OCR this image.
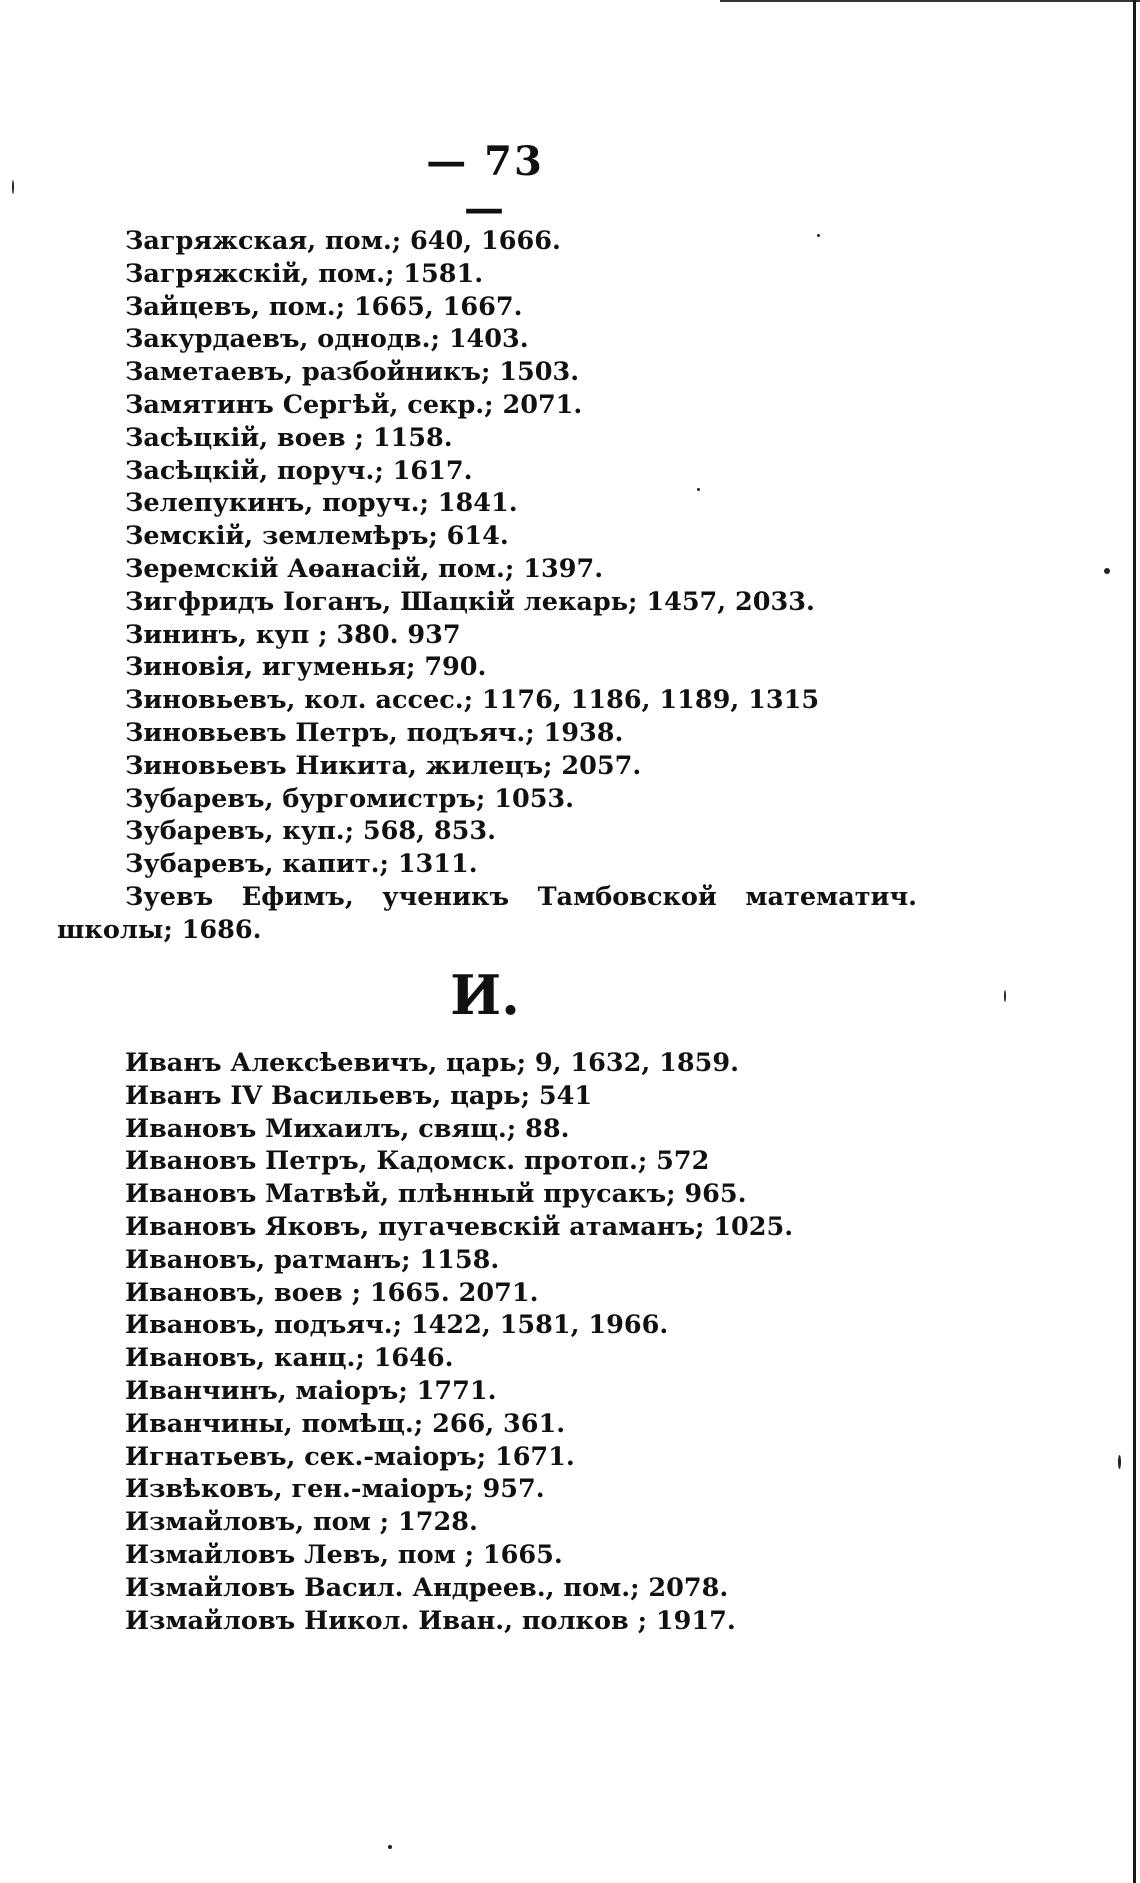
— 73 —
Загряжская, пом.; 640, 1666.
Загряжскій, пом.; 1581.
Зайцевъ, пом.; 1665, 1667.
Закурдаевъ, однодв.; 1403.
Заметаевъ, разбойникъ; 1503.
Замятинъ Сергѣй, секр.; 2071.
Засѣцкій, воев ; 1158.
Засѣцкій, поруч.; 1617.
Зелепукинъ, поруч.; 1841.
Земскій, землемѣръ; 614.
Зеремскій Аѳанасій, пом.; 1397.
Зигфридъ Іоганъ, Шацкій лекарь; 1457, 2033.
Зининъ, куп ; 380. 937
Зиновія, игуменья; 790.
Зиновьевъ, кол. ассес.; 1176, 1186, 1189, 1315
Зиновьевъ Петръ, подъяч.; 1938.
Зиновьевъ Никита, жилецъ; 2057.
Зубаревъ, бургомистръ; 1053.
Зубаревъ, куп.; 568, 853.
Зубаревъ, капит.; 1311.
Зуевъ Ефимъ, ученикъ Тамбовской математич. школы; 1686.
И.
Иванъ Алексѣевичъ, царь; 9, 1632, 1859.
Иванъ IV Васильевъ, царь; 541
Ивановъ Михаилъ, свящ.; 88.
Ивановъ Петръ, Кадомск. протоп.; 572
Ивановъ Матвѣй, плѣнный прусакъ; 965.
Ивановъ Яковъ, пугачевскій атаманъ; 1025.
Ивановъ, ратманъ; 1158.
Ивановъ, воев ; 1665. 2071.
Ивановъ, подъяч.; 1422, 1581, 1966.
Ивановъ, канц.; 1646.
Иванчинъ, маіоръ; 1771.
Иванчины, помѣщ.; 266, 361.
Игнатьевъ, сек.-маіоръ; 1671.
Извѣковъ, ген.-маіоръ; 957.
Измайловъ, пом ; 1728.
Измайловъ Левъ, пом ; 1665.
Измайловъ Васил. Андреев., пом.; 2078.
Измайловъ Никол. Иван., полков ; 1917.
